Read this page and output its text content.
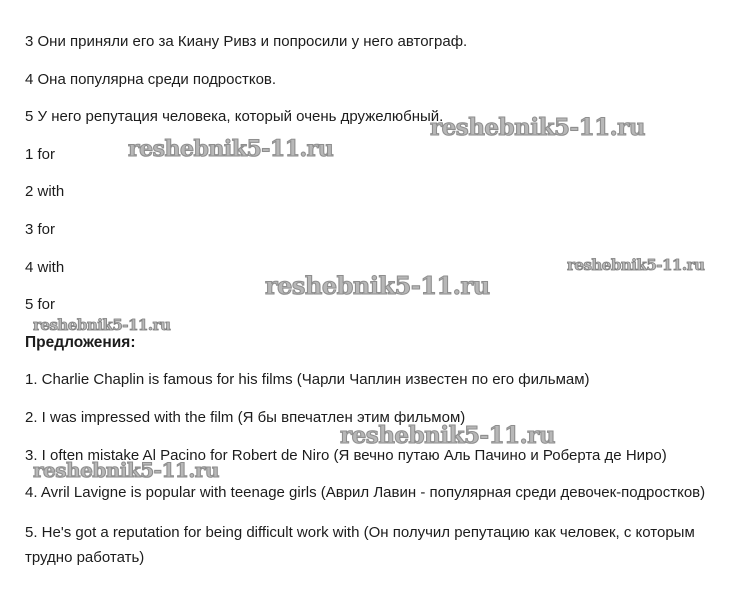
3 Они приняли его за Киану Ривз и попросили у него автограф.
4 Она популярна среди подростков.
5 У него репутация человека, который очень дружелюбный.
1 for
2 with
3 for
4 with
5 for
Предложения:
1. Charlie Chaplin is famous for his films (Чарли Чаплин известен по его фильмам)
2. I was impressed with the film (Я бы впечатлен этим фильмом)
3. I often mistake Al Pacino for Robert de Niro (Я вечно путаю Аль Пачино и Роберта де Ниро)
4. Avril Lavigne is popular with teenage girls (Аврил Лавин - популярная среди девочек-подростков)
5. He's got a reputation for being difficult work with (Он получил репутацию как человек, с которым трудно работать)
reshebnik5-11.ru
reshebnik5-11.ru
reshebnik5-11.ru
reshebnik5-11.ru
reshebnik5-11.ru
reshebnik5-11.ru
reshebnik5-11.ru
